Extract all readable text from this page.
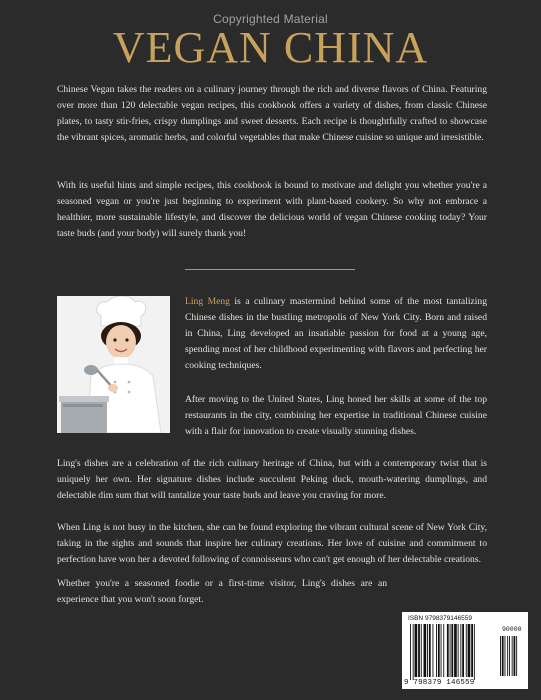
Copyrighted Material
VEGAN CHINA

Chinese Vegan takes the readers on a culinary journey through the rich and diverse flavors of China. Featuring over more than 120 delectable vegan recipes, this cookbook offers a variety of dishes, from classic Chinese plates, to tasty stir-fries, crispy dumplings and sweet desserts. Each recipe is thoughtfully crafted to showcase the vibrant spices, aromatic herbs, and colorful vegetables that make Chinese cuisine so unique and irresistible.

With its useful hints and simple recipes, this cookbook is bound to motivate and delight you whether you're a seasoned vegan or you're just beginning to experiment with plant-based cookery. So why not embrace a healthier, more sustainable lifestyle, and discover the delicious world of vegan Chinese cooking today? Your taste buds (and your body) will surely thank you!

Ling Meng is a culinary mastermind behind some of the most tantalizing Chinese dishes in the bustling metropolis of New York City. Born and raised in China, Ling developed an insatiable passion for food at a young age, spending most of her childhood experimenting with flavors and perfecting her cooking techniques.

After moving to the United States, Ling honed her skills at some of the top restaurants in the city, combining her expertise in traditional Chinese cuisine with a flair for innovation to create visually stunning dishes.

Ling's dishes are a celebration of the rich culinary heritage of China, but with a contemporary twist that is uniquely her own. Her signature dishes include succulent Peking duck, mouth-watering dumplings, and delectable dim sum that will tantalize your taste buds and leave you craving for more.

When Ling is not busy in the kitchen, she can be found exploring the vibrant cultural scene of New York City, taking in the sights and sounds that inspire her culinary creations. Her love of cuisine and commitment to perfection have won her a devoted following of connoisseurs who can't get enough of her delectable creations.

Whether you're a seasoned foodie or a first-time visitor, Ling's dishes are an experience that you won't soon forget.

ISBN 9798379146559
90000
9 798379 146559
